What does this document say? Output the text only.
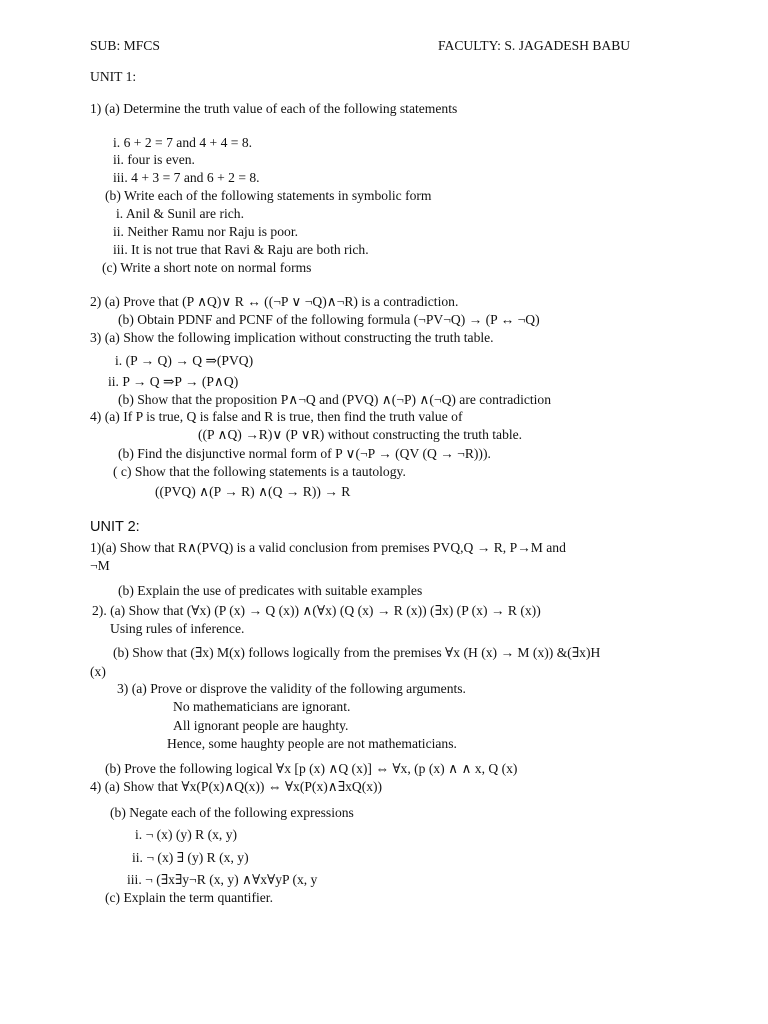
SUB: MFCS	FACULTY: S. JAGADESH BABU
UNIT 1:
1) (a) Determine the truth value of each of the following statements
i. 6 + 2 = 7 and 4 + 4 = 8.
ii. four is even.
iii. 4 + 3 = 7 and 6 + 2 = 8.
(b) Write each of the following statements in symbolic form
i. Anil & Sunil are rich.
ii. Neither Ramu nor Raju is poor.
iii. It is not true that Ravi & Raju are both rich.
(c) Write a short note on normal forms
2) (a) Prove that (P ∧Q)∨ R ↔ ((¬P ∨ ¬Q)∧¬R) is a contradiction.
(b) Obtain PDNF and PCNF of the following formula (¬PV¬Q) → (P ↔ ¬Q)
3) (a) Show the following implication without constructing the truth table.
i. (P → Q) → Q ⇒(PVQ)
ii. P → Q ⇒P → (P∧Q)
(b) Show that the proposition P∧¬Q and (PVQ) ∧(¬P) ∧(¬Q) are contradiction
4) (a) If P is true, Q is false and R is true, then find the truth value of
((P ∧Q) →R)∨ (P ∨R) without constructing the truth table.
(b) Find the disjunctive normal form of P ∨(¬P → (QV (Q → ¬R))).
( c) Show that the following statements is a tautology.
((PVQ) ∧(P → R) ∧(Q → R)) → R
UNIT 2:
1)(a) Show that R∧(PVQ) is a valid conclusion from premises PVQ,Q → R, P→M and
¬M
(b) Explain the use of predicates with suitable examples
2). (a) Show that (∀x) (P (x) → Q (x)) ∧(∀x) (Q (x) → R (x)) (∃x) (P (x) → R (x))
Using rules of inference.
(b) Show that (∃x) M(x) follows logically from the premises ∀x (H (x) → M (x)) &(∃x)H
(x)
3) (a) Prove or disprove the validity of the following arguments.
No mathematicians are ignorant.
All ignorant people are haughty.
Hence, some haughty people are not mathematicians.
(b) Prove the following logical ∀x [p (x) ∧Q (x)] ⇔ ∀x, (p (x) ∧ ∧ x, Q (x)
4) (a) Show that ∀x(P(x)∧Q(x)) ⇔ ∀x(P(x)∧∃xQ(x))
(b) Negate each of the following expressions
i. ¬ (x) (y) R (x, y)
ii. ¬ (x) ∃ (y) R (x, y)
iii. ¬ (∃x∃y¬R (x, y) ∧∀x∀yP (x, y
(c) Explain the term quantifier.
